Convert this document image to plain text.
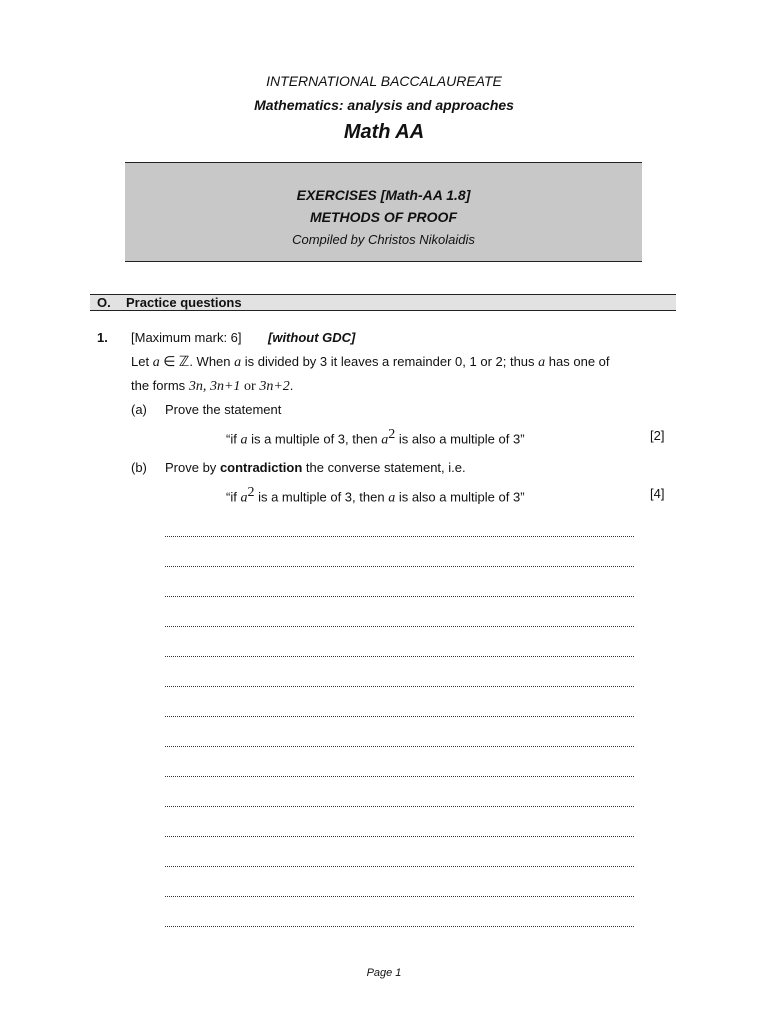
INTERNATIONAL BACCALAUREATE
Mathematics: analysis and approaches
Math AA
EXERCISES [Math-AA 1.8]
METHODS OF PROOF
Compiled by Christos Nikolaidis
O. Practice questions
1. [Maximum mark: 6] [without GDC]
Let a ∈ ℤ. When a is divided by 3 it leaves a remainder 0, 1 or 2; thus a has one of
the forms 3n, 3n+1 or 3n+2.
(a) Prove the statement
“if a is a multiple of 3, then $a^2$ is also a multiple of 3”	[2]
(b) Prove by contradiction the converse statement, i.e.
“if $a^2$ is a multiple of 3, then a is also a multiple of 3”	[4]
Page 1
